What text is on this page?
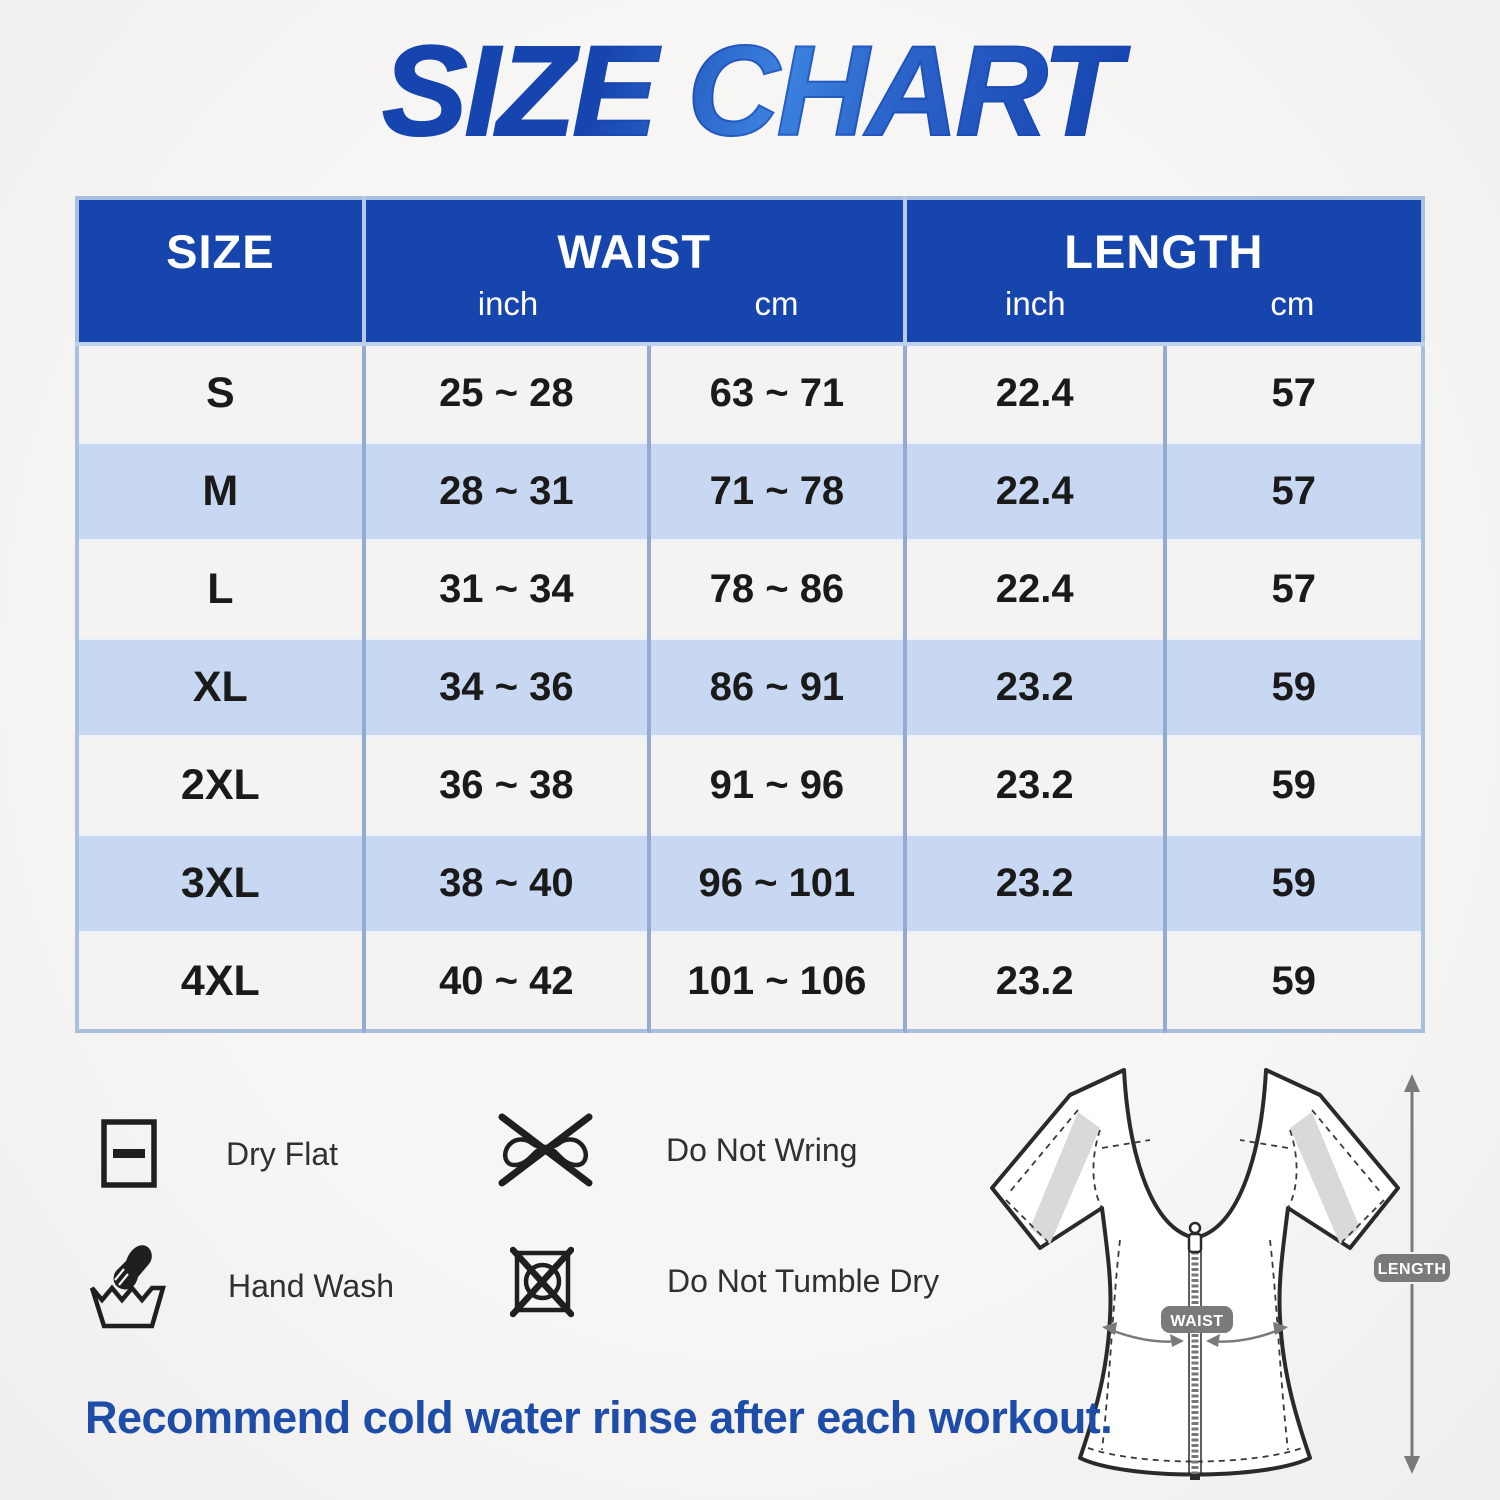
SIZE CHART
SIZE	WAIST
inch	cm

LENGTH
inch	cm

S	25 ~ 28	63 ~ 71	22.4	57
M	28 ~ 31	71 ~ 78	22.4	57
L	31 ~ 34	78 ~ 86	22.4	57
XL	34 ~ 36	86 ~ 91	23.2	59
2XL	36 ~ 38	91 ~ 96	23.2	59
3XL	38 ~ 40	96 ~ 101	23.2	59
4XL	40 ~ 42	101 ~ 106	23.2	59
Dry Flat	Do Not Wring
Hand Wash	Do Not Tumble Dry
WAIST
LENGTH
Recommend cold water rinse after each workout.
